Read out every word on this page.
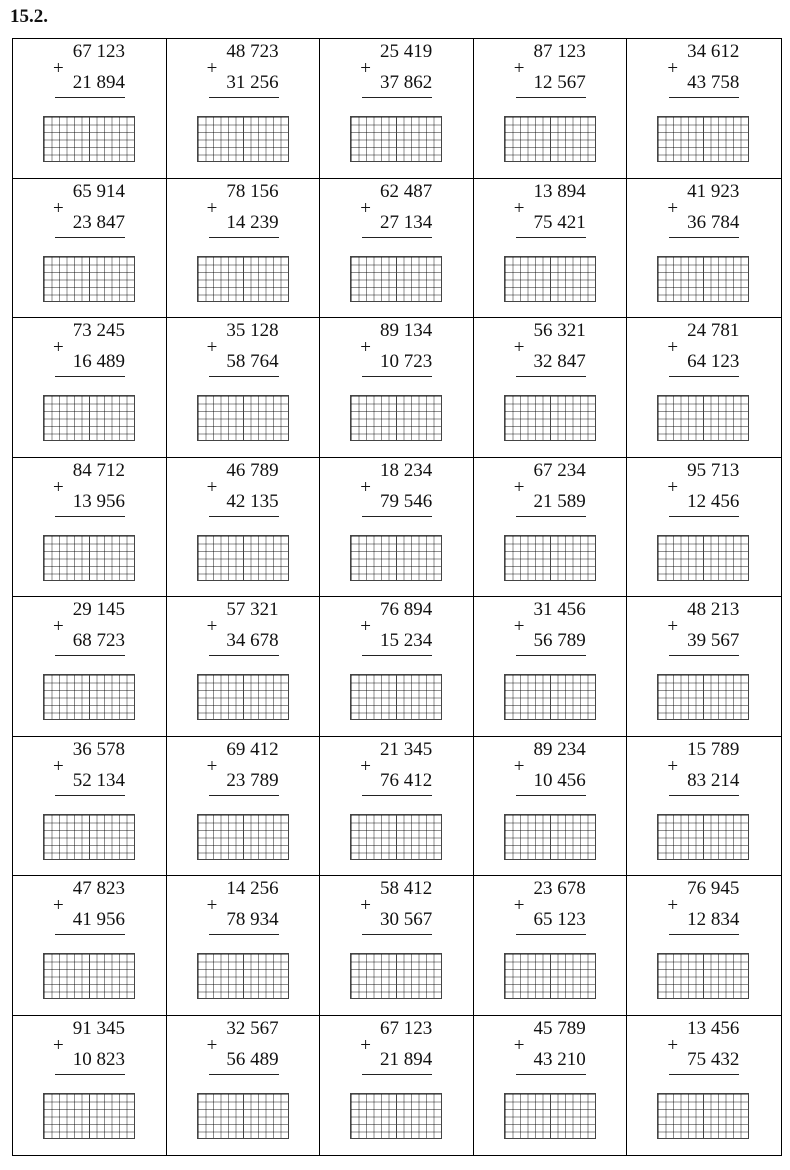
15.2.
67 123
+
21 894
48 723
+
31 256
25 419
+
37 862
87 123
+
12 567
34 612
+
43 758
65 914
+
23 847
78 156
+
14 239
62 487
+
27 134
13 894
+
75 421
41 923
+
36 784
73 245
+
16 489
35 128
+
58 764
89 134
+
10 723
56 321
+
32 847
24 781
+
64 123
84 712
+
13 956
46 789
+
42 135
18 234
+
79 546
67 234
+
21 589
95 713
+
12 456
29 145
+
68 723
57 321
+
34 678
76 894
+
15 234
31 456
+
56 789
48 213
+
39 567
36 578
+
52 134
69 412
+
23 789
21 345
+
76 412
89 234
+
10 456
15 789
+
83 214
47 823
+
41 956
14 256
+
78 934
58 412
+
30 567
23 678
+
65 123
76 945
+
12 834
91 345
+
10 823
32 567
+
56 489
67 123
+
21 894
45 789
+
43 210
13 456
+
75 432
